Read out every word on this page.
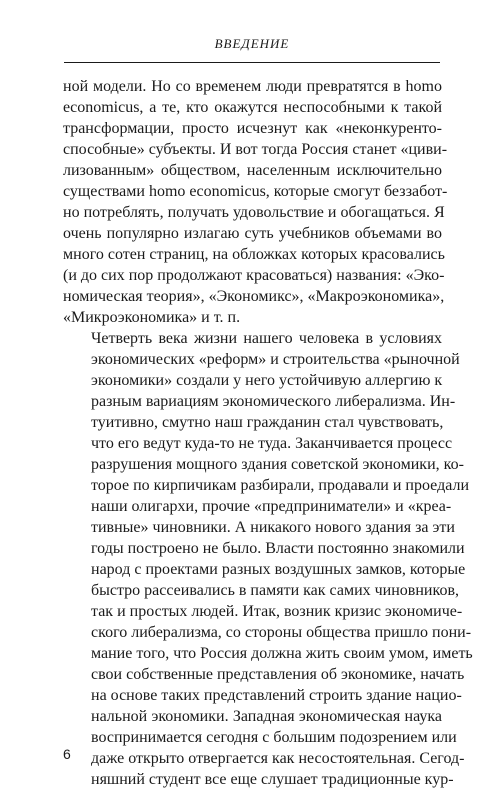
ВВЕДЕНИЕ

ной модели. Но со временем люди превратятся в homo
economicus, а те, кто окажутся неспособными к такой
трансформации, просто исчезнут как «неконкуренто-
способные» субъекты. И вот тогда Россия станет «циви-
лизованным» обществом, населенным исключительно
существами homo economicus, которые смогут беззабот-
но потреблять, получать удовольствие и обогащаться. Я
очень популярно излагаю суть учебников объемами во
много сотен страниц, на обложках которых красовались
(и до сих пор продолжают красоваться) названия: «Эко-
номическая теория», «Экономикс», «Макроэкономика»,
«Микроэкономика» и т. п.

Четверть века жизни нашего человека в условиях
экономических «реформ» и строительства «рыночной
экономики» создали у него устойчивую аллергию к
разным вариациям экономического либерализма. Ин-
туитивно, смутно наш гражданин стал чувствовать,
что его ведут куда-то не туда. Заканчивается процесс
разрушения мощного здания советской экономики, ко-
торое по кирпичикам разбирали, продавали и проедали
наши олигархи, прочие «предприниматели» и «креа-
тивные» чиновники. А никакого нового здания за эти
годы построено не было. Власти постоянно знакомили
народ с проектами разных воздушных замков, которые
быстро рассеивались в памяти как самих чиновников,
так и простых людей. Итак, возник кризис экономиче-
ского либерализма, со стороны общества пришло пони-
мание того, что Россия должна жить своим умом, иметь
свои собственные представления об экономике, начать
на основе таких представлений строить здание нацио-
нальной экономики. Западная экономическая наука
воспринимается сегодня с большим подозрением или
даже открыто отвергается как несостоятельная. Сегод-
няшний студент все еще слушает традиционные кур-

6
